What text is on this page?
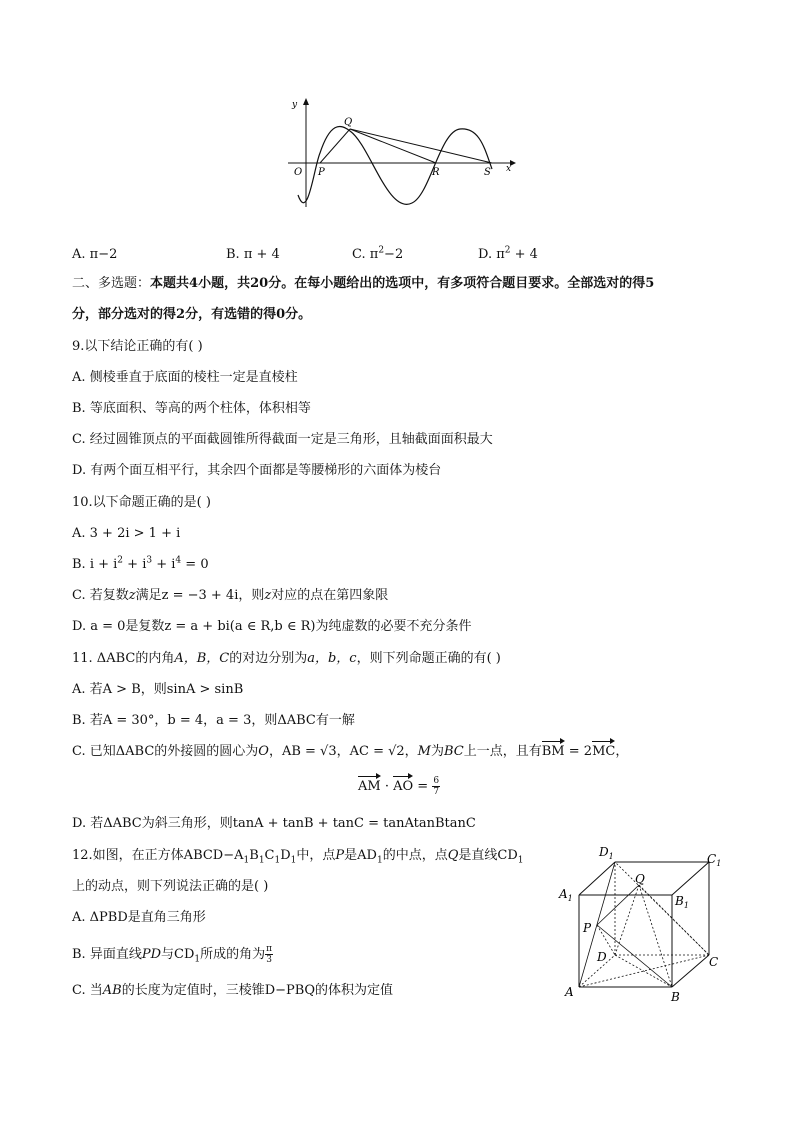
y
x
O P
Q
R	S
A. π−2	B. π + 4	C. $\pi^2-2$	D. $\pi^2 + 4$
二、多选题：本题共4小题，共20分。在每小题给出的选项中，有多项符合题目要求。全部选对的得5
分，部分选对的得2分，有选错的得0分。
9.以下结论正确的有( )
A. 侧棱垂直于底面的棱柱一定是直棱柱
B. 等底面积、等高的两个柱体，体积相等
C. 经过圆锥顶点的平面截圆锥所得截面一定是三角形，且轴截面面积最大
D. 有两个面互相平行，其余四个面都是等腰梯形的六面体为棱台
10.以下命题正确的是( )
A. 3 + 2i > 1 + i
B. $i + i^2 + i^3 + i^4 = 0$
C. 若复数z满足z = −3 + 4i，则z对应的点在第四象限
D. a = 0是复数z = a + bi(a ∈ R,b ∈ R)为纯虚数的必要不充分条件
11. ΔABC的内角A，B，C的对边分别为a，b，c，则下列命题正确的有( )
A. 若A > B，则sinA > sinB
B. 若A = 30°，b = 4，a = 3，则ΔABC有一解
C. 已知ΔABC的外接圆的圆心为O，AB = √3，AC = √2，M为BC上一点，且有BM = 2MC，
AM · AO = $\frac{6}{7}$
D. 若ΔABC为斜三角形，则tanA + tanB + tanC = tanAtanBtanC
12.如图，在正方体$ABCD-A_1B_1C_1D_1$中，点P是$AD_1$的中点，点Q是直线$CD_1$
上的动点，则下列说法正确的是( )
A. ΔPBD是直角三角形
B. 异面直线PD与$CD_1$所成的角为 $\frac{\pi}{3}$
C. 当AB的长度为定值时，三棱锥D−PBQ的体积为定值
$D_1$	$C_1$
$A_1$	$B_1$
Q
P
D	C
A	B
